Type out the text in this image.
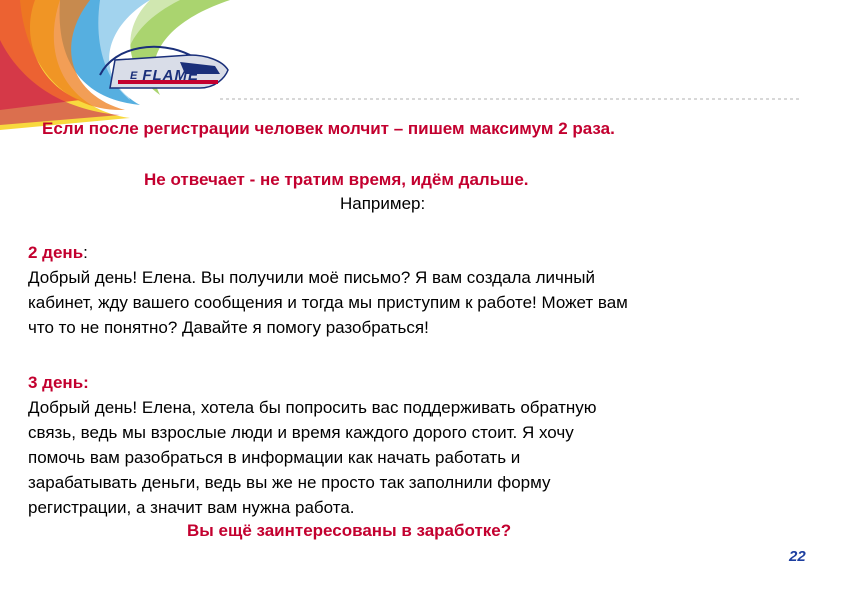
E FLAME
Если после регистрации человек молчит – пишем максимум 2 раза.
Не отвечает - не тратим время, идём дальше.
Например:
2 день:
Добрый день! Елена. Вы получили моё письмо? Я вам создала личный
кабинет, жду вашего сообщения и тогда мы приступим к работе! Может вам
что то не понятно? Давайте я помогу разобраться!
3 день:
Добрый день! Елена, хотела бы попросить вас поддерживать обратную
связь, ведь мы взрослые люди и время каждого дорого стоит. Я хочу
помочь вам разобраться в информации как начать работать и
зарабатывать деньги, ведь вы же не просто так заполнили форму
регистрации, а значит вам нужна работа.
Вы ещё заинтересованы в заработке?
22
